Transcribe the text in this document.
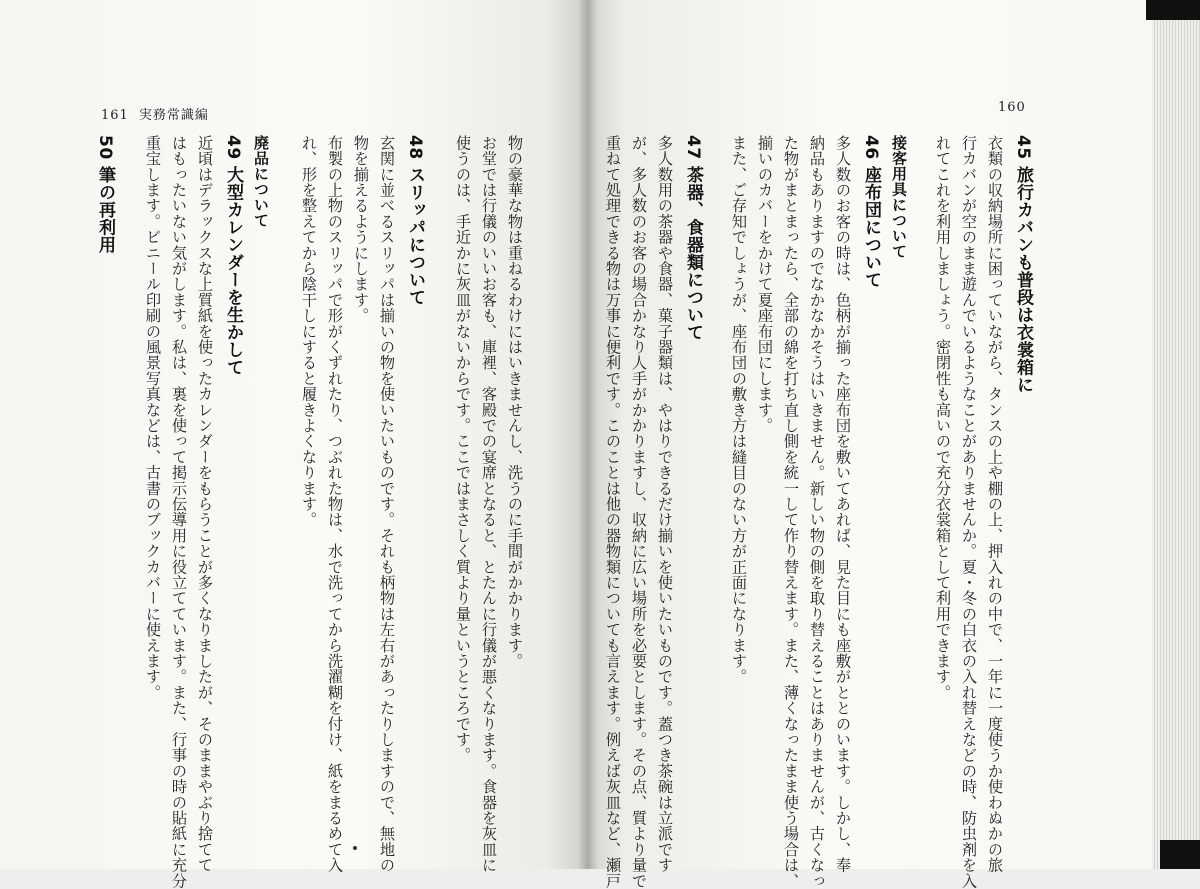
161 実務常識編
160
45 旅行カバンも普段は衣裳箱に
衣類の収納場所に困っていながら、タンスの上や棚の上、押入れの中で、一年に一度使うか使わぬかの旅
行カバンが空のまま遊んでいるようなことがありませんか。夏・冬の白衣の入れ替えなどの時、防虫剤を入
れてこれを利用しましょう。密閉性も高いので充分衣裳箱として利用できます。
接客用具について
46 座布団について
多人数のお客の時は、色柄が揃った座布団を敷いてあれば、見た目にも座敷がととのいます。しかし、奉
納品もありますのでなかなかそうはいきません。新しい物の側を取り替えることはありませんが、古くなっ
た物がまとまったら、全部の綿を打ち直し側を統一して作り替えます。また、薄くなったまま使う場合は、
揃いのカバーをかけて夏座布団にします。
また、ご存知でしょうが、座布団の敷き方は縫目のない方が正面になります。
47 茶器、食器類について
多人数用の茶器や食器、菓子器類は、やはりできるだけ揃いを使いたいものです。蓋つき茶碗は立派です
が、多人数のお客の場合かなり人手がかかりますし、収納に広い場所を必要とします。その点、質より量で
重ねて処理できる物は万事に便利です。このことは他の器物類についても言えます。例えば灰皿など、瀬戸
物の豪華な物は重ねるわけにはいきませんし、洗うのに手間がかかります。
お堂では行儀のいいお客も、庫裡、客殿での宴席となると、とたんに行儀が悪くなります。食器を灰皿に
使うのは、手近かに灰皿がないからです。ここではまさしく質より量というところです。
48 スリッパについて
玄関に並べるスリッパは揃いの物を使いたいものです。それも柄物は左右があったりしますので、無地の
物を揃えるようにします。
布製の上物のスリッパで形がくずれたり、つぶれた物は、水で洗ってから洗濯糊を付け、紙をまるめて入
れ、形を整えてから陰干しにすると履きよくなります。
廃品について
49 大型カレンダーを生かして
近頃はデラックスな上質紙を使ったカレンダーをもらうことが多くなりましたが、そのままやぶり捨てて
はもったいない気がします。私は、裏を使って掲示伝導用に役立てています。また、行事の時の貼紙に充分
重宝します。ビニール印刷の風景写真などは、古書のブックカバーに使えます。
50 筆の再利用
